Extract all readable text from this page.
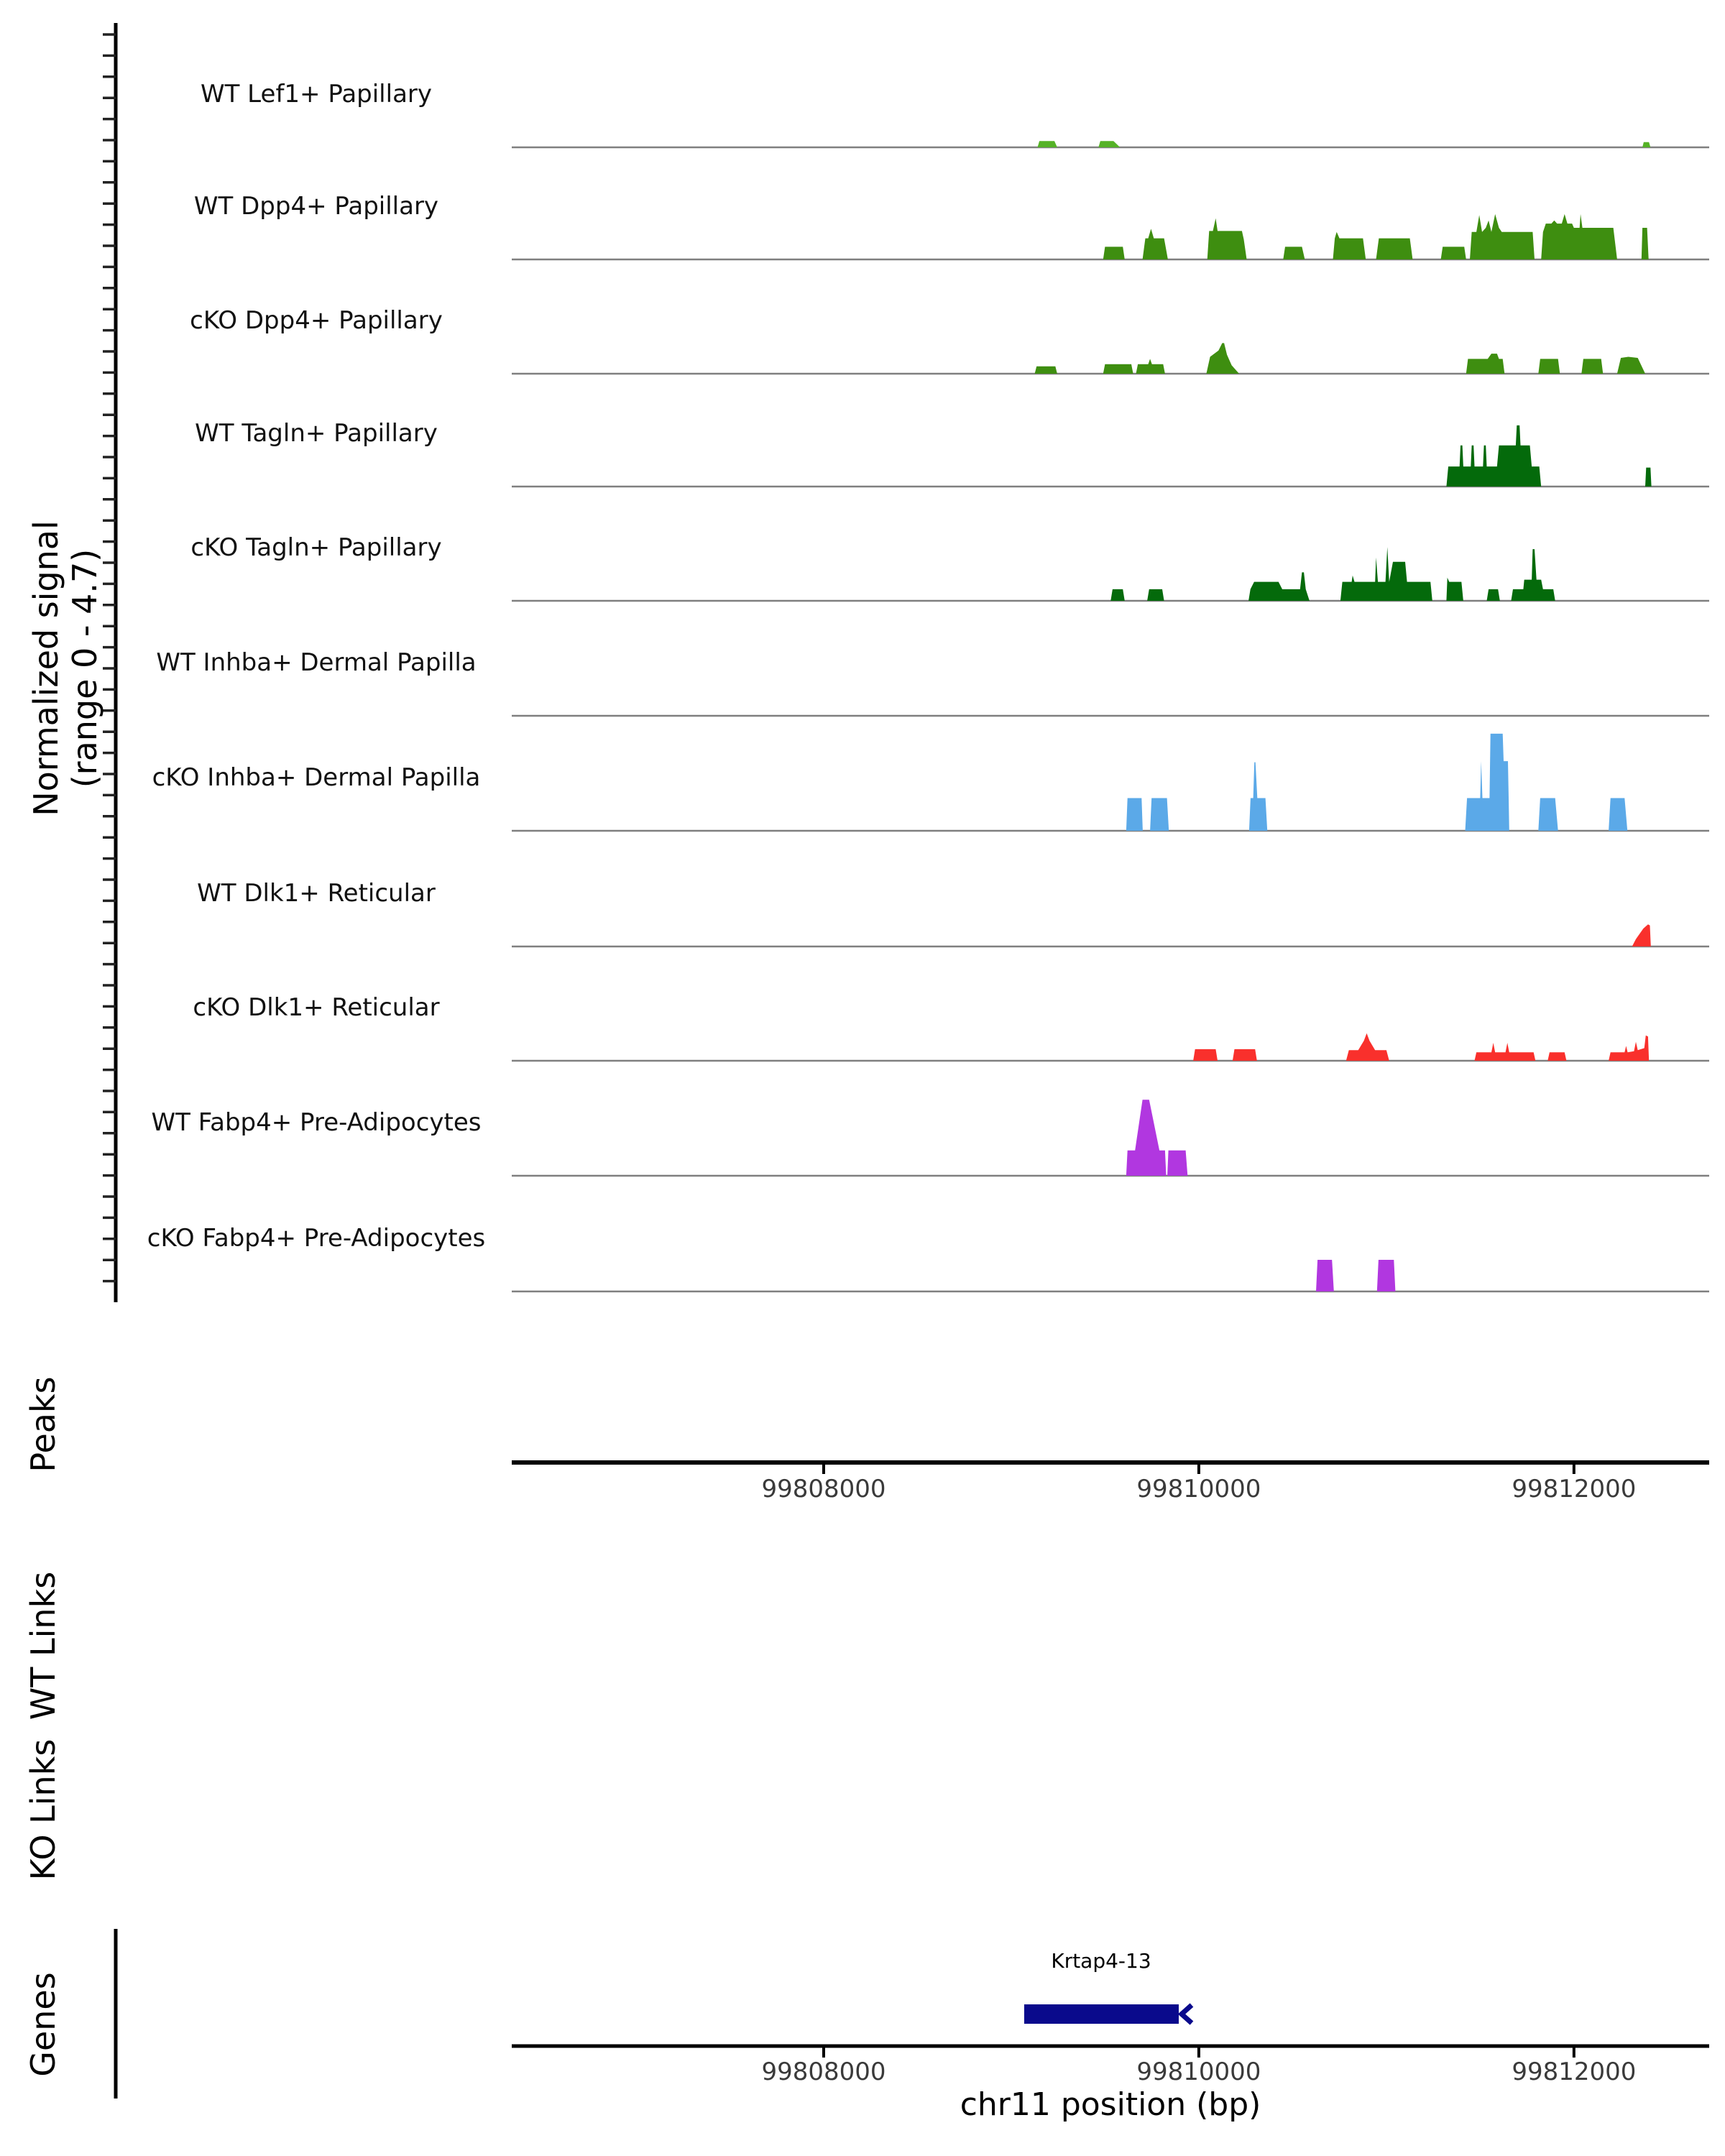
Normalized signal (range 0 - 4.7)
WT Lef1+ Papillary
WT Dpp4+ Papillary
cKO Dpp4+ Papillary
WT Tagln+ Papillary
cKO Tagln+ Papillary
WT Inhba+ Dermal Papilla
cKO Inhba+ Dermal Papilla
WT Dlk1+ Reticular
cKO Dlk1+ Reticular
WT Fabp4+ Pre-Adipocytes
cKO Fabp4+ Pre-Adipocytes
Peaks
WT Links
KO Links
Genes
99808000	99810000	99812000
99808000	99810000	99812000
Krtap4-13
chr11 position (bp)
